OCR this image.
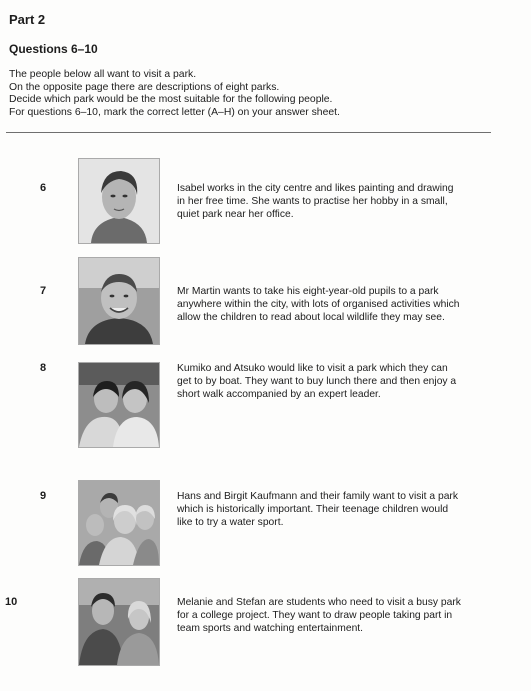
Part 2
Questions 6–10
The people below all want to visit a park.
On the opposite page there are descriptions of eight parks.
Decide which park would be the most suitable for the following people.
For questions 6–10, mark the correct letter (A–H) on your answer sheet.
6	Isabel works in the city centre and likes painting and drawing
in her free time. She wants to practise her hobby in a small,
quiet park near her office.
7	Mr Martin wants to take his eight-year-old pupils to a park
anywhere within the city, with lots of organised activities which
allow the children to read about local wildlife they may see.
8	Kumiko and Atsuko would like to visit a park which they can
get to by boat. They want to buy lunch there and then enjoy a
short walk accompanied by an expert leader.
9	Hans and Birgit Kaufmann and their family want to visit a park
which is historically important. Their teenage children would
like to try a water sport.
10	Melanie and Stefan are students who need to visit a busy park
for a college project. They want to draw people taking part in
team sports and watching entertainment.
